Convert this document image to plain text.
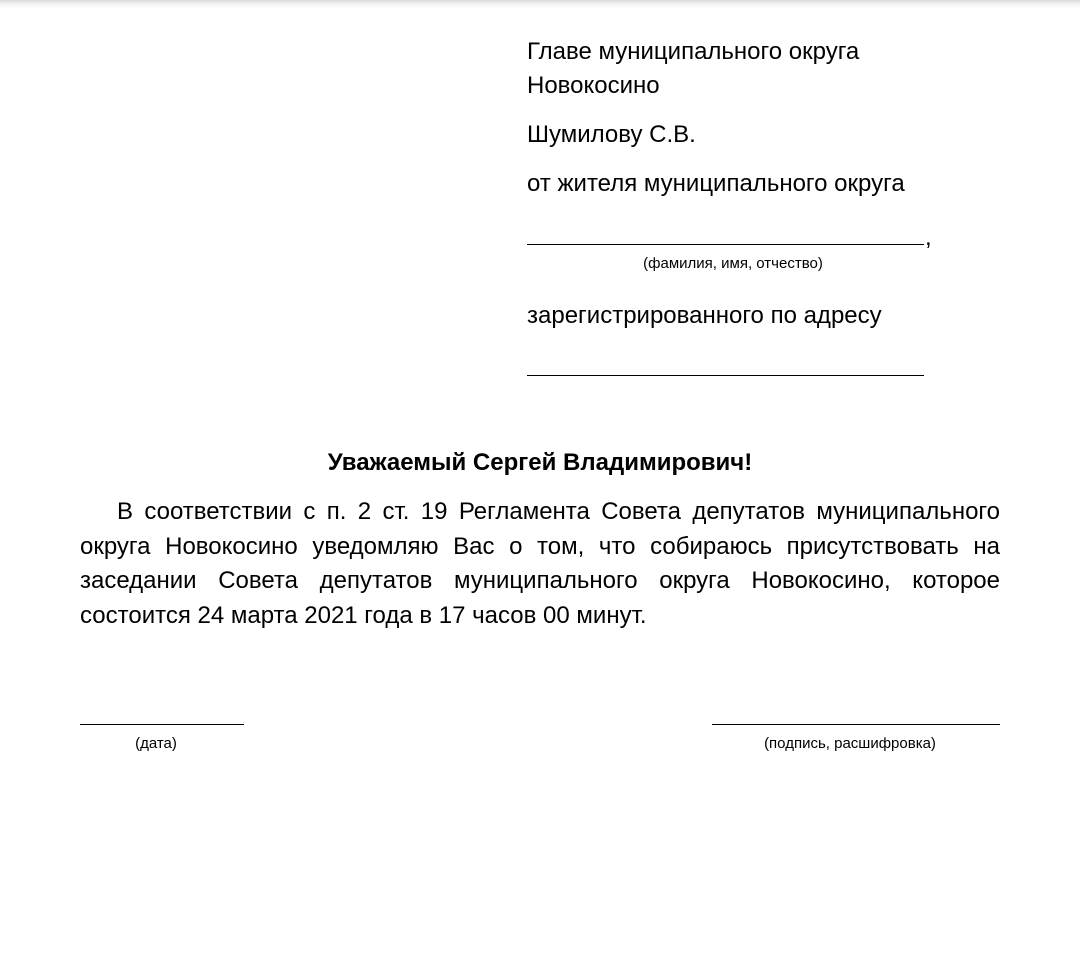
Главе муниципального округа
Новокосино
Шумилову С.В.
от жителя муниципального округа
,
(фамилия, имя, отчество)
зарегистрированного по адресу
Уважаемый Сергей Владимирович!

В соответствии с п. 2 ст. 19 Регламента Совета депутатов муниципального округа Новокосино уведомляю Вас о том, что собираюсь присутствовать на заседании Совета депутатов муниципального округа Новокосино, которое состоится 24 марта 2021 года в 17 часов 00 минут.

(дата)	(подпись, расшифровка)
